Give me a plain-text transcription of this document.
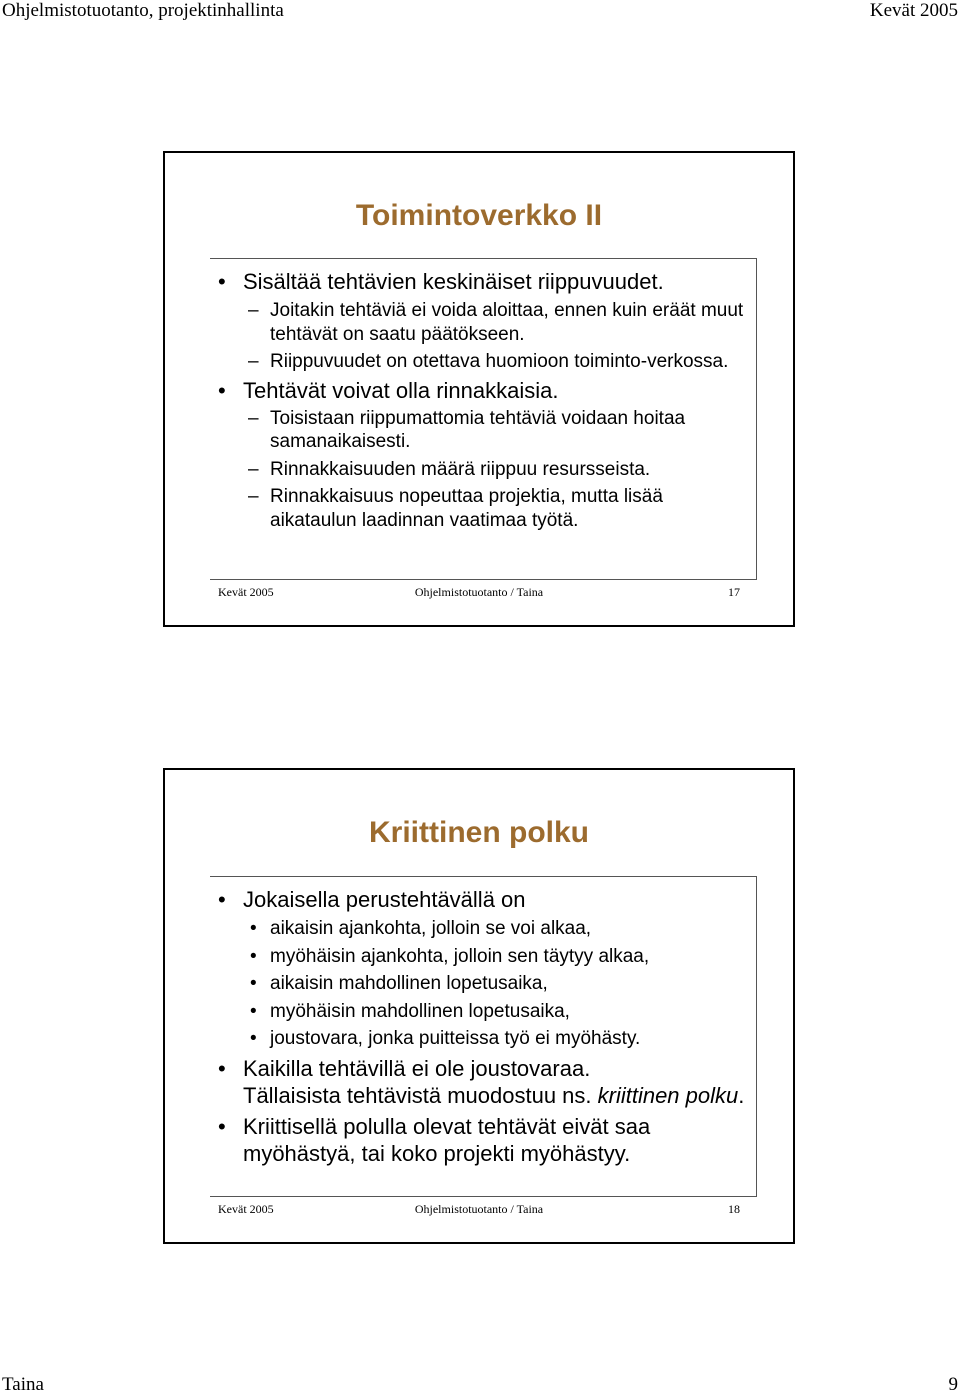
Ohjelmistotuotanto, projektinhallinta	Kevät 2005
Toimintoverkko II
• Sisältää tehtävien keskinäiset riippuvuudet.
– Joitakin tehtäviä ei voida aloittaa, ennen kuin eräät muut tehtävät on saatu päätökseen.
– Riippuvuudet on otettava huomioon toiminto-verkossa.
• Tehtävät voivat olla rinnakkaisia.
– Toisistaan riippumattomia tehtäviä voidaan hoitaa samanaikaisesti.
– Rinnakkaisuuden määrä riippuu resursseista.
– Rinnakkaisuus nopeuttaa projektia, mutta lisää aikataulun laadinnan vaatimaa työtä.
Kevät 2005	Ohjelmistotuotanto / Taina	17
Kriittinen polku
• Jokaisella perustehtävällä on
• aikaisin ajankohta, jolloin se voi alkaa,
• myöhäisin ajankohta, jolloin sen täytyy alkaa,
• aikaisin mahdollinen lopetusaika,
• myöhäisin mahdollinen lopetusaika,
• joustovara, jonka puitteissa työ ei myöhästy.
• Kaikilla tehtävillä ei ole joustovaraa.
Tällaisista tehtävistä muodostuu ns. kriittinen polku.
• Kriittisellä polulla olevat tehtävät eivät saa myöhästyä, tai koko projekti myöhästyy.
Kevät 2005	Ohjelmistotuotanto / Taina	18
Taina	9
